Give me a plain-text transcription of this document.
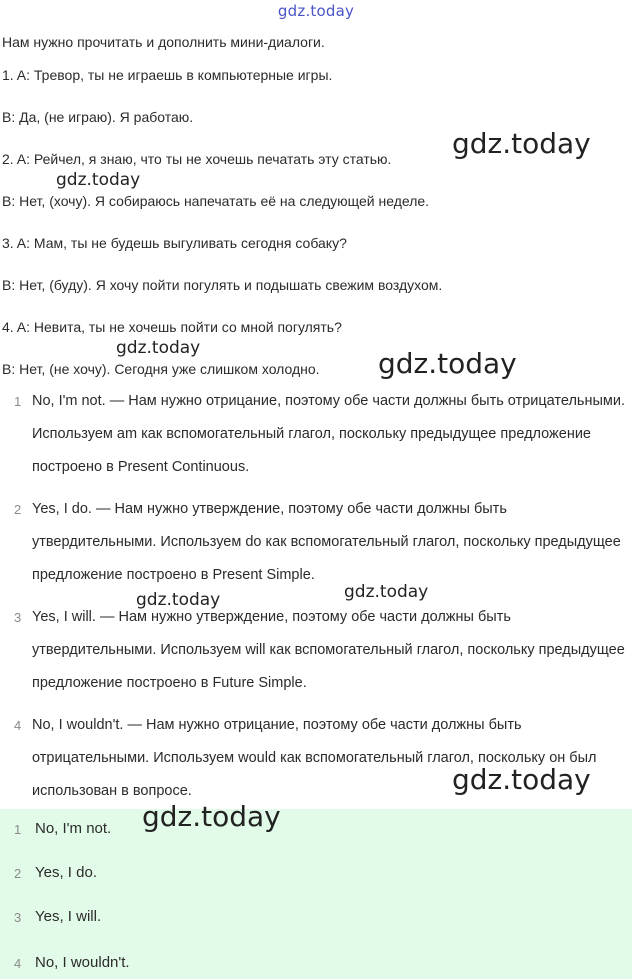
gdz.today
Нам нужно прочитать и дополнить мини-диалоги.
1. A: Тревор, ты не играешь в компьютерные игры.
B: Да, (не играю). Я работаю.
2. A: Рейчел, я знаю, что ты не хочешь печатать эту статью.
B: Нет, (хочу). Я собираюсь напечатать её на следующей неделе.
3. A: Мам, ты не будешь выгуливать сегодня собаку?
B: Нет, (буду). Я хочу пойти погулять и подышать свежим воздухом.
4. A: Невита, ты не хочешь пойти со мной погулять?
B: Нет, (не хочу). Сегодня уже слишком холодно.
1 No, I'm not. — Нам нужно отрицание, поэтому обе части должны быть отрицательными. Используем am как вспомогательный глагол, поскольку предыдущее предложение построено в Present Continuous.
2 Yes, I do. — Нам нужно утверждение, поэтому обе части должны быть утвердительными. Используем do как вспомогательный глагол, поскольку предыдущее предложение построено в Present Simple.
3 Yes, I will. — Нам нужно утверждение, поэтому обе части должны быть утвердительными. Используем will как вспомогательный глагол, поскольку предыдущее предложение построено в Future Simple.
4 No, I wouldn't. — Нам нужно отрицание, поэтому обе части должны быть отрицательными. Используем would как вспомогательный глагол, поскольку он был использован в вопросе.
1 No, I'm not.
2 Yes, I do.
3 Yes, I will.
4 No, I wouldn't.
gdz.today
gdz.today
gdz.today	gdz.today
gdz.today	gdz.today
gdz.today
gdz.today
